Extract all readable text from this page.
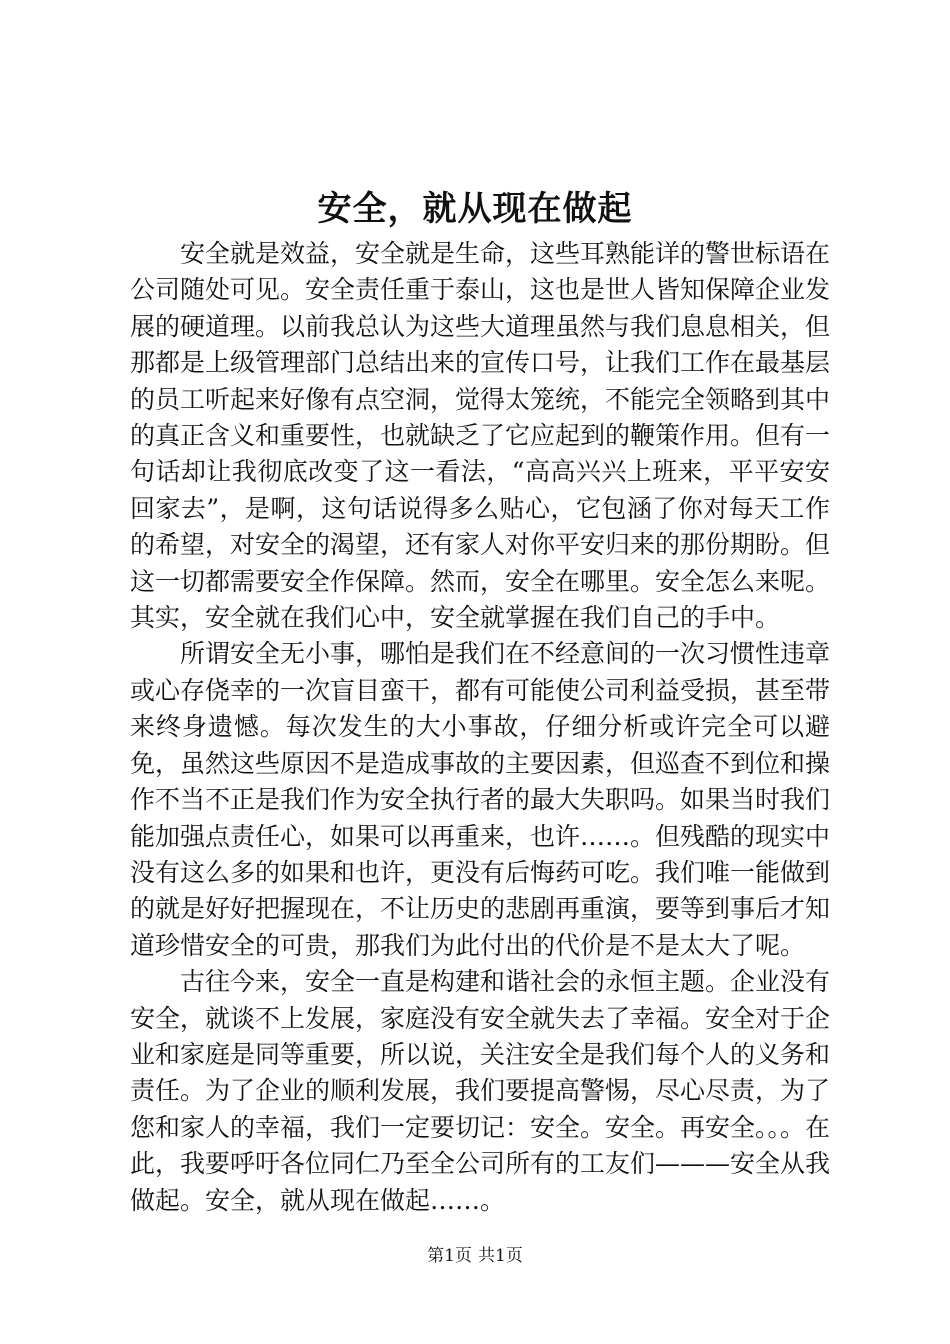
安全，就从现在做起

安全就是效益，安全就是生命，这些耳熟能详的警世标语在公司随处可见。安全责任重于泰山，这也是世人皆知保障企业发展的硬道理。以前我总认为这些大道理虽然与我们息息相关，但那都是上级管理部门总结出来的宣传口号，让我们工作在最基层的员工听起来好像有点空洞，觉得太笼统，不能完全领略到其中的真正含义和重要性，也就缺乏了它应起到的鞭策作用。但有一句话却让我彻底改变了这一看法，“高高兴兴上班来，平平安安回家去”，是啊，这句话说得多么贴心，它包涵了你对每天工作的希望，对安全的渴望，还有家人对你平安归来的那份期盼。但这一切都需要安全作保障。然而，安全在哪里。安全怎么来呢。其实，安全就在我们心中，安全就掌握在我们自己的手中。

所谓安全无小事，哪怕是我们在不经意间的一次习惯性违章或心存侥幸的一次盲目蛮干，都有可能使公司利益受损，甚至带来终身遗憾。每次发生的大小事故，仔细分析或许完全可以避免，虽然这些原因不是造成事故的主要因素，但巡查不到位和操作不当不正是我们作为安全执行者的最大失职吗。如果当时我们能加强点责任心，如果可以再重来，也许……。但残酷的现实中没有这么多的如果和也许，更没有后悔药可吃。我们唯一能做到的就是好好把握现在，不让历史的悲剧再重演，要等到事后才知道珍惜安全的可贵，那我们为此付出的代价是不是太大了呢。

古往今来，安全一直是构建和谐社会的永恒主题。企业没有安全，就谈不上发展，家庭没有安全就失去了幸福。安全对于企业和家庭是同等重要，所以说，关注安全是我们每个人的义务和责任。为了企业的顺利发展，我们要提高警惕，尽心尽责，为了您和家人的幸福，我们一定要切记：安全。安全。再安全。。。在此，我要呼吁各位同仁乃至全公司所有的工友们———安全从我做起。安全，就从现在做起……。

第1页 共1页
